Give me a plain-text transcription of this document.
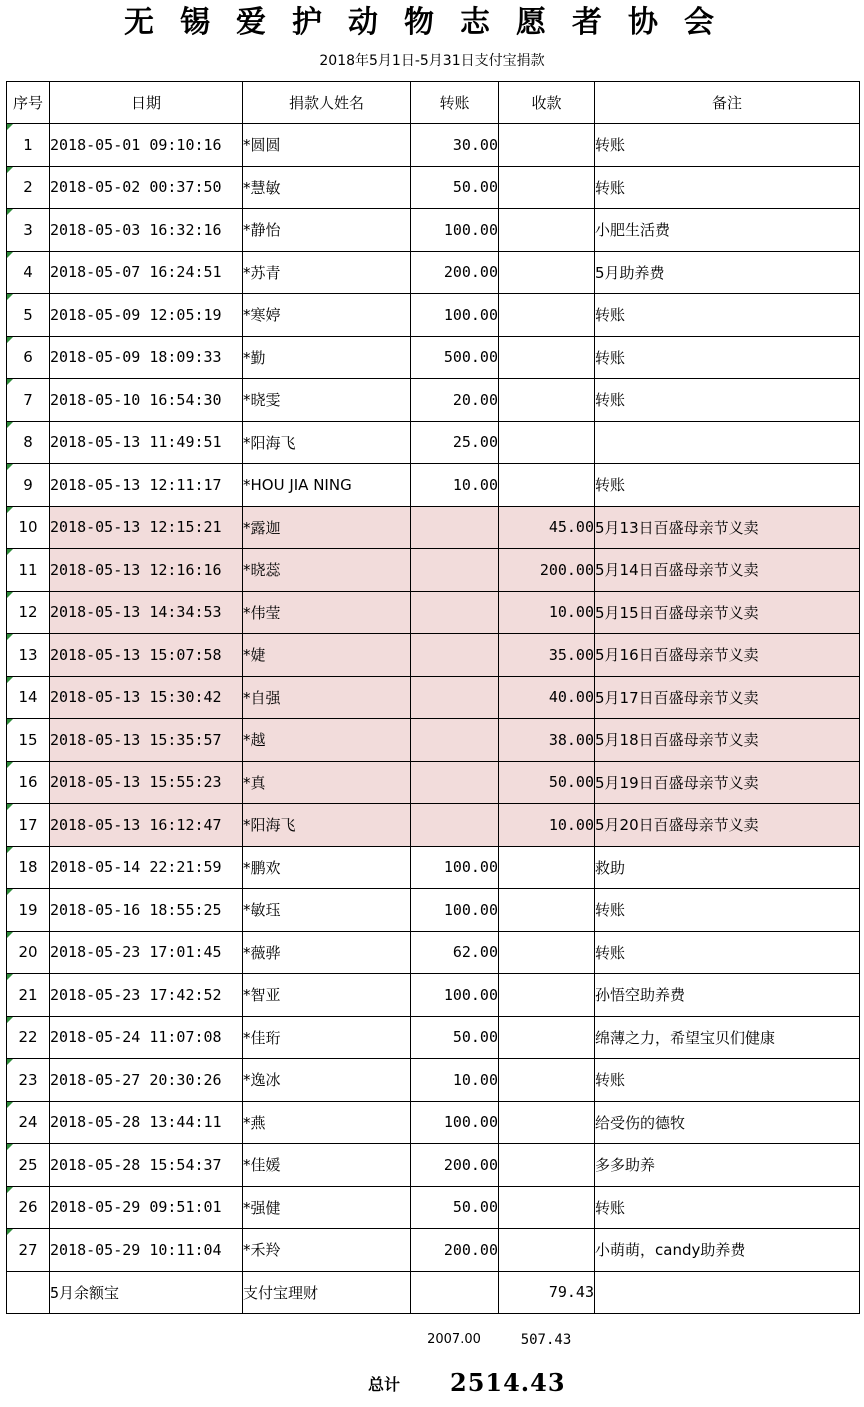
无锡爱护动物志愿者协会
2018年5月1日-5月31日支付宝捐款
序号	日期	捐款人姓名	转账	收款	备注

1	2018-05-01 09:10:16	*圆圆	30.00		转账

2	2018-05-02 00:37:50	*慧敏	50.00		转账

3	2018-05-03 16:32:16	*静怡	100.00		小肥生活费

4	2018-05-07 16:24:51	*苏青	200.00		5月助养费

5	2018-05-09 12:05:19	*寒婷	100.00		转账

6	2018-05-09 18:09:33	*勤	500.00		转账

7	2018-05-10 16:54:30	*晓雯	20.00		转账

8	2018-05-13 11:49:51	*阳海飞	25.00		

9	2018-05-13 12:11:17	*HOU JIA NING	10.00		转账

10	2018-05-13 12:15:21	*露迦		45.00	5月13日百盛母亲节义卖

11	2018-05-13 12:16:16	*晓蕊		200.00	5月14日百盛母亲节义卖

12	2018-05-13 14:34:53	*伟莹		10.00	5月15日百盛母亲节义卖

13	2018-05-13 15:07:58	*婕		35.00	5月16日百盛母亲节义卖

14	2018-05-13 15:30:42	*自强		40.00	5月17日百盛母亲节义卖

15	2018-05-13 15:35:57	*越		38.00	5月18日百盛母亲节义卖

16	2018-05-13 15:55:23	*真		50.00	5月19日百盛母亲节义卖

17	2018-05-13 16:12:47	*阳海飞		10.00	5月20日百盛母亲节义卖

18	2018-05-14 22:21:59	*鹏欢	100.00		救助

19	2018-05-16 18:55:25	*敏珏	100.00		转账

20	2018-05-23 17:01:45	*薇骅	62.00		转账

21	2018-05-23 17:42:52	*智亚	100.00		孙悟空助养费

22	2018-05-24 11:07:08	*佳珩	50.00		绵薄之力，希望宝贝们健康

23	2018-05-27 20:30:26	*逸冰	10.00		转账

24	2018-05-28 13:44:11	*燕	100.00		给受伤的德牧

25	2018-05-28 15:54:37	*佳媛	200.00		多多助养

26	2018-05-29 09:51:01	*强健	50.00		转账

27	2018-05-29 10:11:04	*禾羚	200.00		小萌萌，candy助养费
	5月余额宝	支付宝理财		79.43	
2007.00	507.43
总计 2514.43
